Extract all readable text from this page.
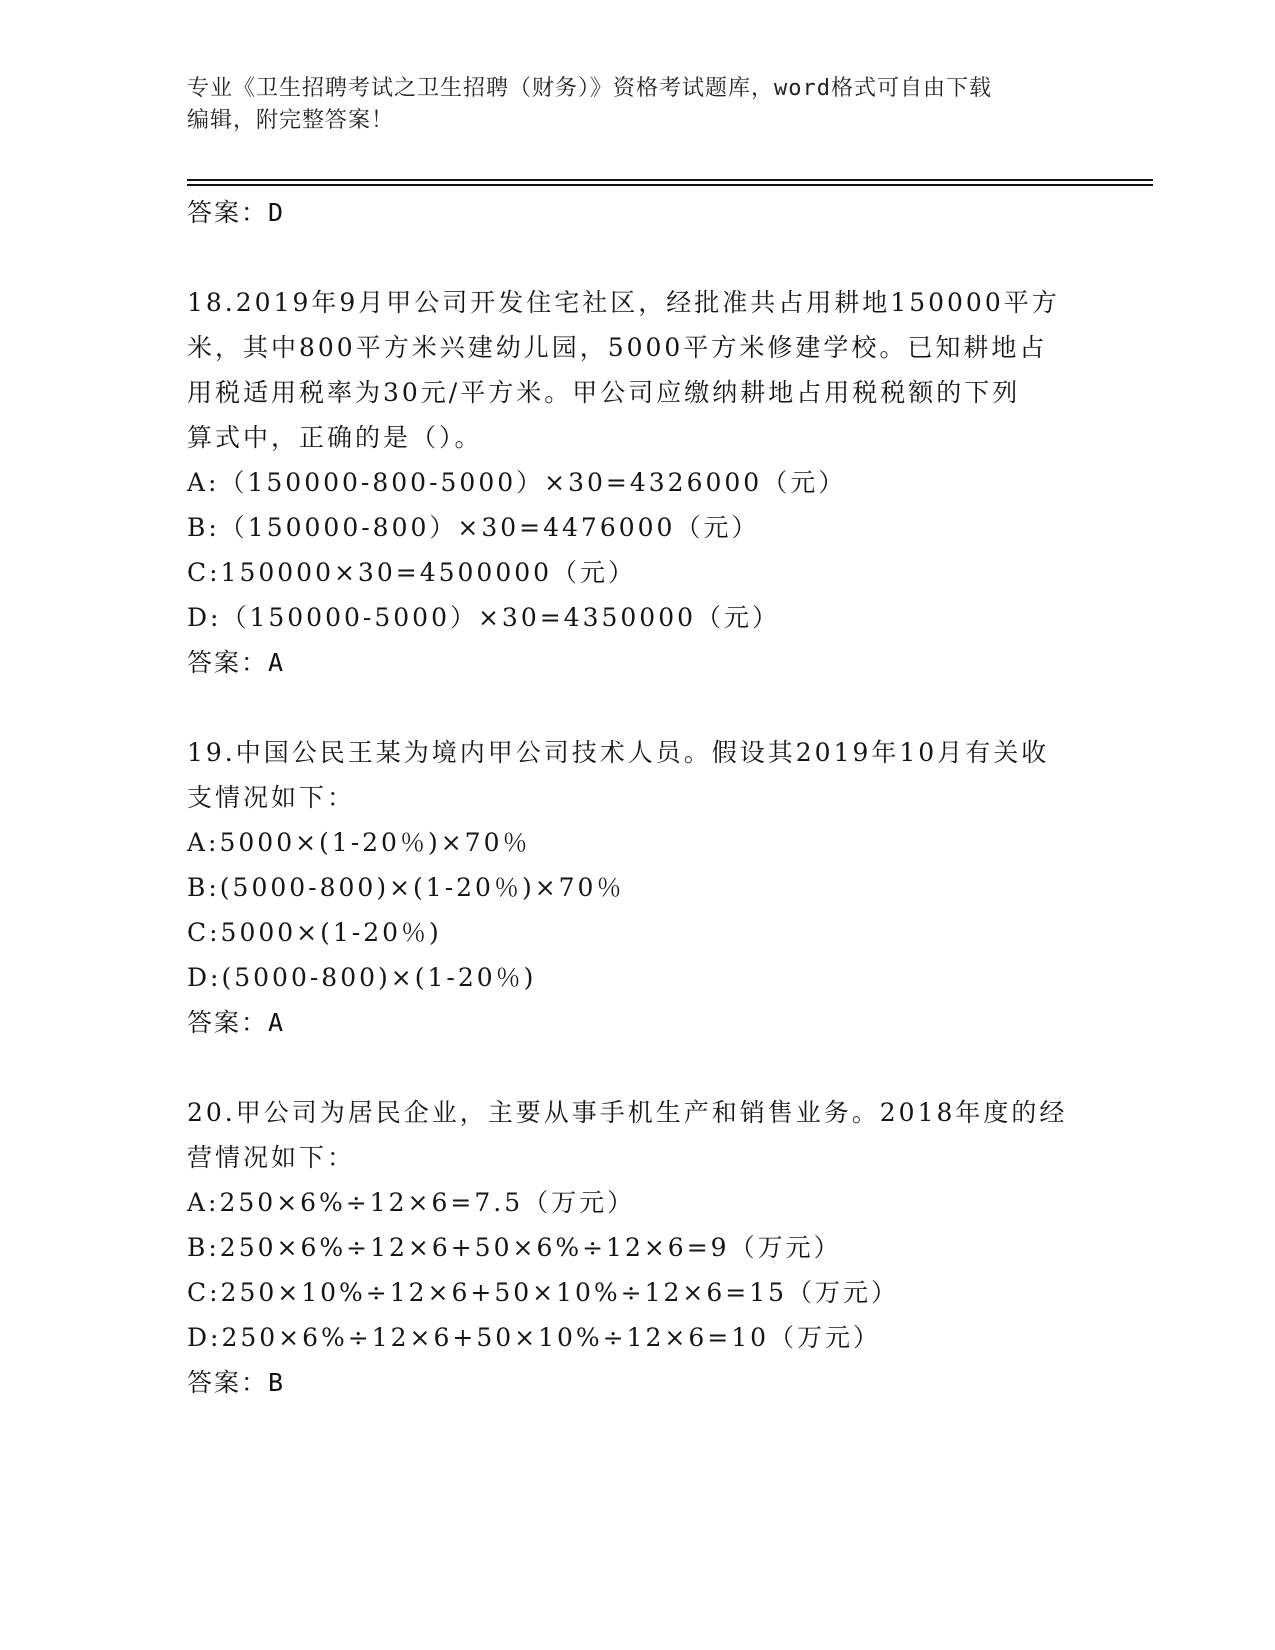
专业《卫生招聘考试之卫生招聘（财务）》资格考试题库，word格式可自由下载
编辑，附完整答案！
答案：D
18.2019年9月甲公司开发住宅社区，经批准共占用耕地150000平方
米，其中800平方米兴建幼儿园，5000平方米修建学校。已知耕地占
用税适用税率为30元/平方米。甲公司应缴纳耕地占用税税额的下列
算式中，正确的是（）。
A:（150000-800-5000）×30=4326000（元）
B:（150000-800）×30=4476000（元）
C:150000×30=4500000（元）
D:（150000-5000）×30=4350000（元）
答案：A
19.中国公民王某为境内甲公司技术人员。假设其2019年10月有关收
支情况如下：
A:5000×(1-20％)×70％
B:(5000-800)×(1-20％)×70％
C:5000×(1-20％)
D:(5000-800)×(1-20％)
答案：A
20.甲公司为居民企业，主要从事手机生产和销售业务。2018年度的经
营情况如下：
A:250×6%÷12×6=7.5（万元）
B:250×6%÷12×6+50×6%÷12×6=9（万元）
C:250×10%÷12×6+50×10%÷12×6=15（万元）
D:250×6%÷12×6+50×10%÷12×6=10（万元）
答案：B
